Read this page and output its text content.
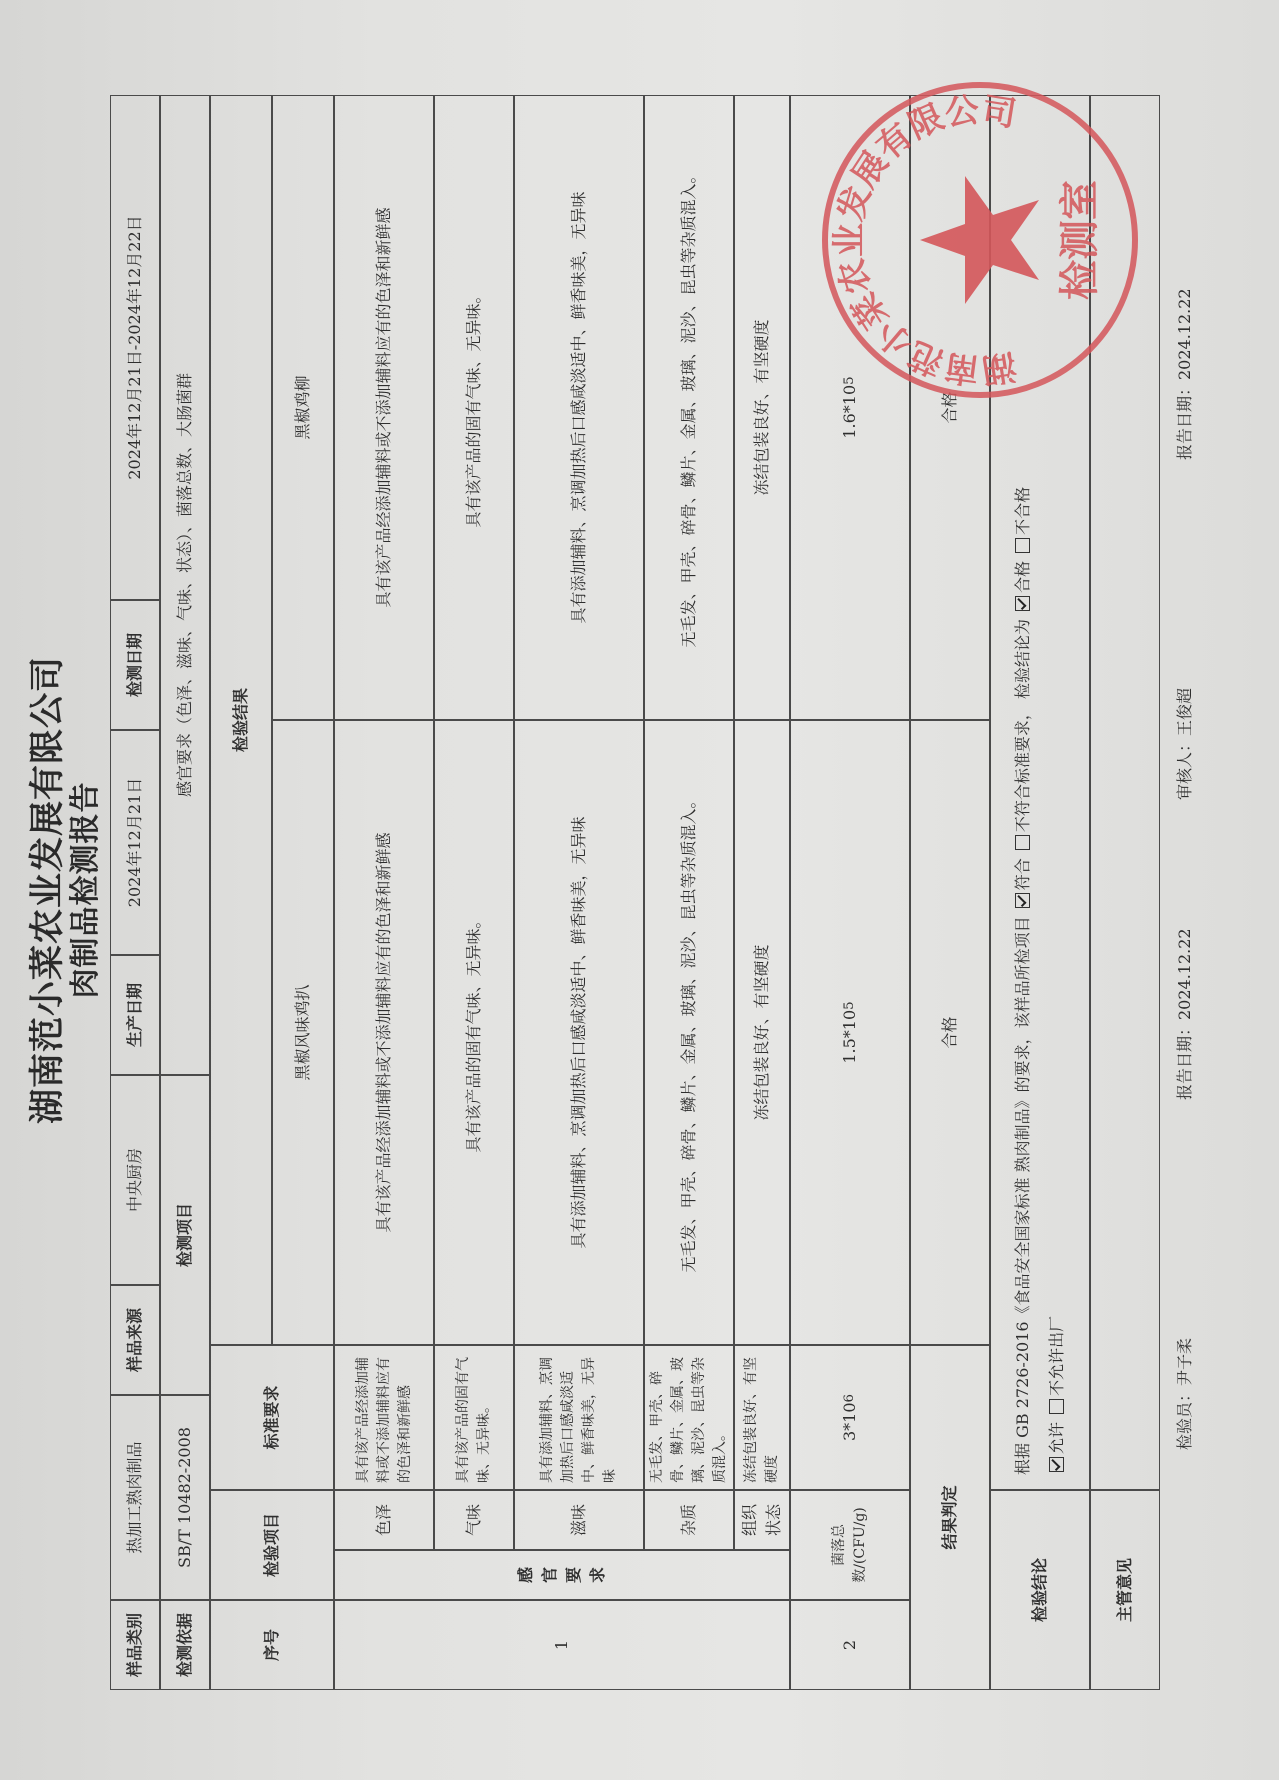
湖南范小菜农业发展有限公司 肉制品检测报告
样品类别
热加工熟肉制品
样品来源
中央厨房
生产日期
2024年12月21日
检测日期
2024年12月21日-2024年12月22日
检测依据
SB/T 10482-2008
检测项目
感官要求（色泽、滋味、气味、状态）、菌落总数、大肠菌群
序号
检验项目
标准要求
检验结果
黑椒风味鸡扒
黑椒鸡柳
1
感官要求
色泽
具有该产品经添加辅料或不添加辅料应有的色泽和新鲜感
具有该产品经添加辅料或不添加辅料应有的色泽和新鲜感
具有该产品经添加辅料或不添加辅料应有的色泽和新鲜感
气味
具有该产品的固有气味、无异味。
具有该产品的固有气味、无异味。
具有该产品的固有气味、无异味。
滋味
具有添加辅料、烹调加热后口感咸淡适中、鲜香味美，无异味
具有添加辅料、烹调加热后口感咸淡适中、鲜香味美，无异味
具有添加辅料、烹调加热后口感咸淡适中、鲜香味美，无异味
杂质
无毛发、甲壳、碎骨、鳞片、金属、玻璃、泥沙、昆虫等杂质混入。
无毛发、甲壳、碎骨、鳞片、金属、玻璃、泥沙、昆虫等杂质混入。
无毛发、甲壳、碎骨、鳞片、金属、玻璃、泥沙、昆虫等杂质混入。
组织状态
冻结包装良好、有坚硬度
冻结包装良好、有坚硬度
冻结包装良好、有坚硬度
2
菌落总数/(CFU/g)
3*10
6
1.5*10
5
1.6*10
5
结果判定
合格
合格
检验结论
根据 GB 2726-2016《食品安全国家标准 熟肉制品》的要求，该样品所检项目 符合 不符合标准要求， 检验结论为 合格 不合格
允许 不允许出厂
主管意见
检验员：尹子柔
报告日期：2024.12.22
审核人：王俊超
报告日期：2024.12.22
湖南范小菜农业发展有限公司
检测室
